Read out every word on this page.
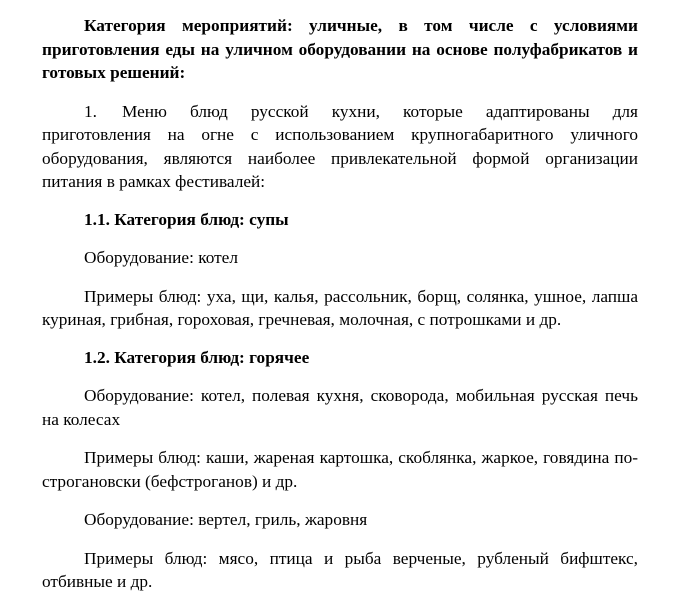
Категория мероприятий: уличные, в том числе с условиями приготовления еды на уличном оборудовании на основе полуфабрикатов и готовых решений:

1. Меню блюд русской кухни, которые адаптированы для приготовления на огне с использованием крупногабаритного уличного оборудования, являются наиболее привлекательной формой организации питания в рамках фестивалей:

1.1. Категория блюд: супы

Оборудование: котел

Примеры блюд: уха, щи, калья, рассольник, борщ, солянка, ушное, лапша куриная, грибная, гороховая, гречневая, молочная, с потрошками и др.

1.2. Категория блюд: горячее

Оборудование: котел, полевая кухня, сковорода, мобильная русская печь на колесах

Примеры блюд: каши, жареная картошка, скоблянка, жаркое, говядина по-строгановски (бефстроганов) и др.

Оборудование: вертел, гриль, жаровня

Примеры блюд: мясо, птица и рыба верченые, рубленый бифштекс, отбивные и др.
